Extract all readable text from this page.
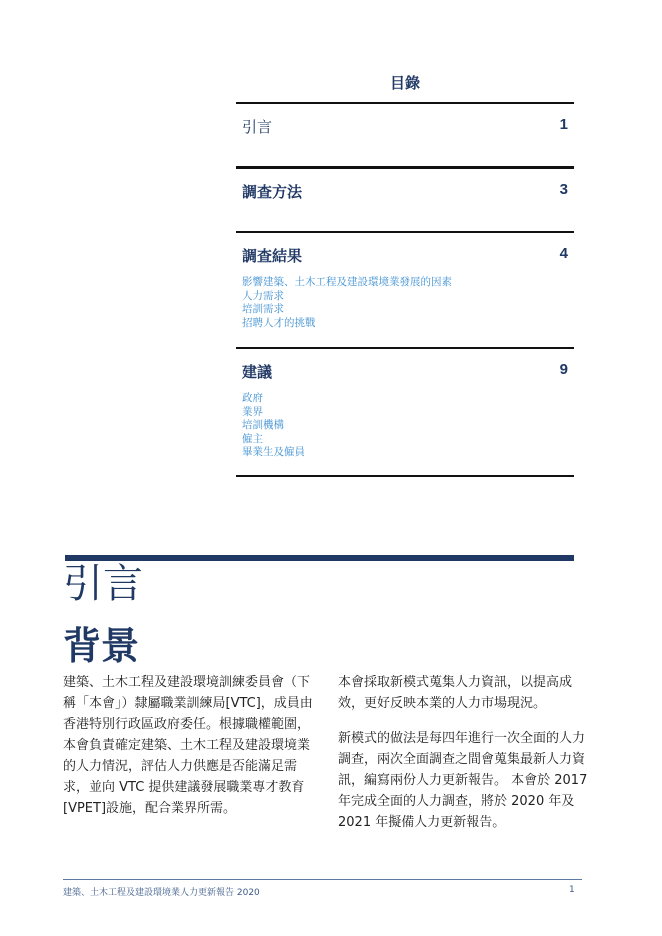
目錄
引言	1
調查方法	3
調查結果	4
影響建築、土木工程及建設環境業發展的因素
人力需求
培訓需求
招聘人才的挑戰
建議	9
政府
業界
培訓機構
僱主
畢業生及僱員
引言
背景

建築、土木工程及建設環境訓練委員會（下稱「本會」）隸屬職業訓練局[VTC]，成員由香港特別行政區政府委任。根據職權範圍，本會負責確定建築、土木工程及建設環境業的人力情況，評估人力供應是否能滿足需求，並向 VTC 提供建議發展職業專才教育[VPET]設施，配合業界所需。

本會採取新模式蒐集人力資訊，以提高成效，更好反映本業的人力市場現況。

新模式的做法是每四年進行一次全面的人力調查，兩次全面調查之間會蒐集最新人力資訊，編寫兩份人力更新報告。 本會於 2017 年完成全面的人力調查，將於 2020 年及 2021 年擬備人力更新報告。

建築、土木工程及建設環境業人力更新報告 2020	1
